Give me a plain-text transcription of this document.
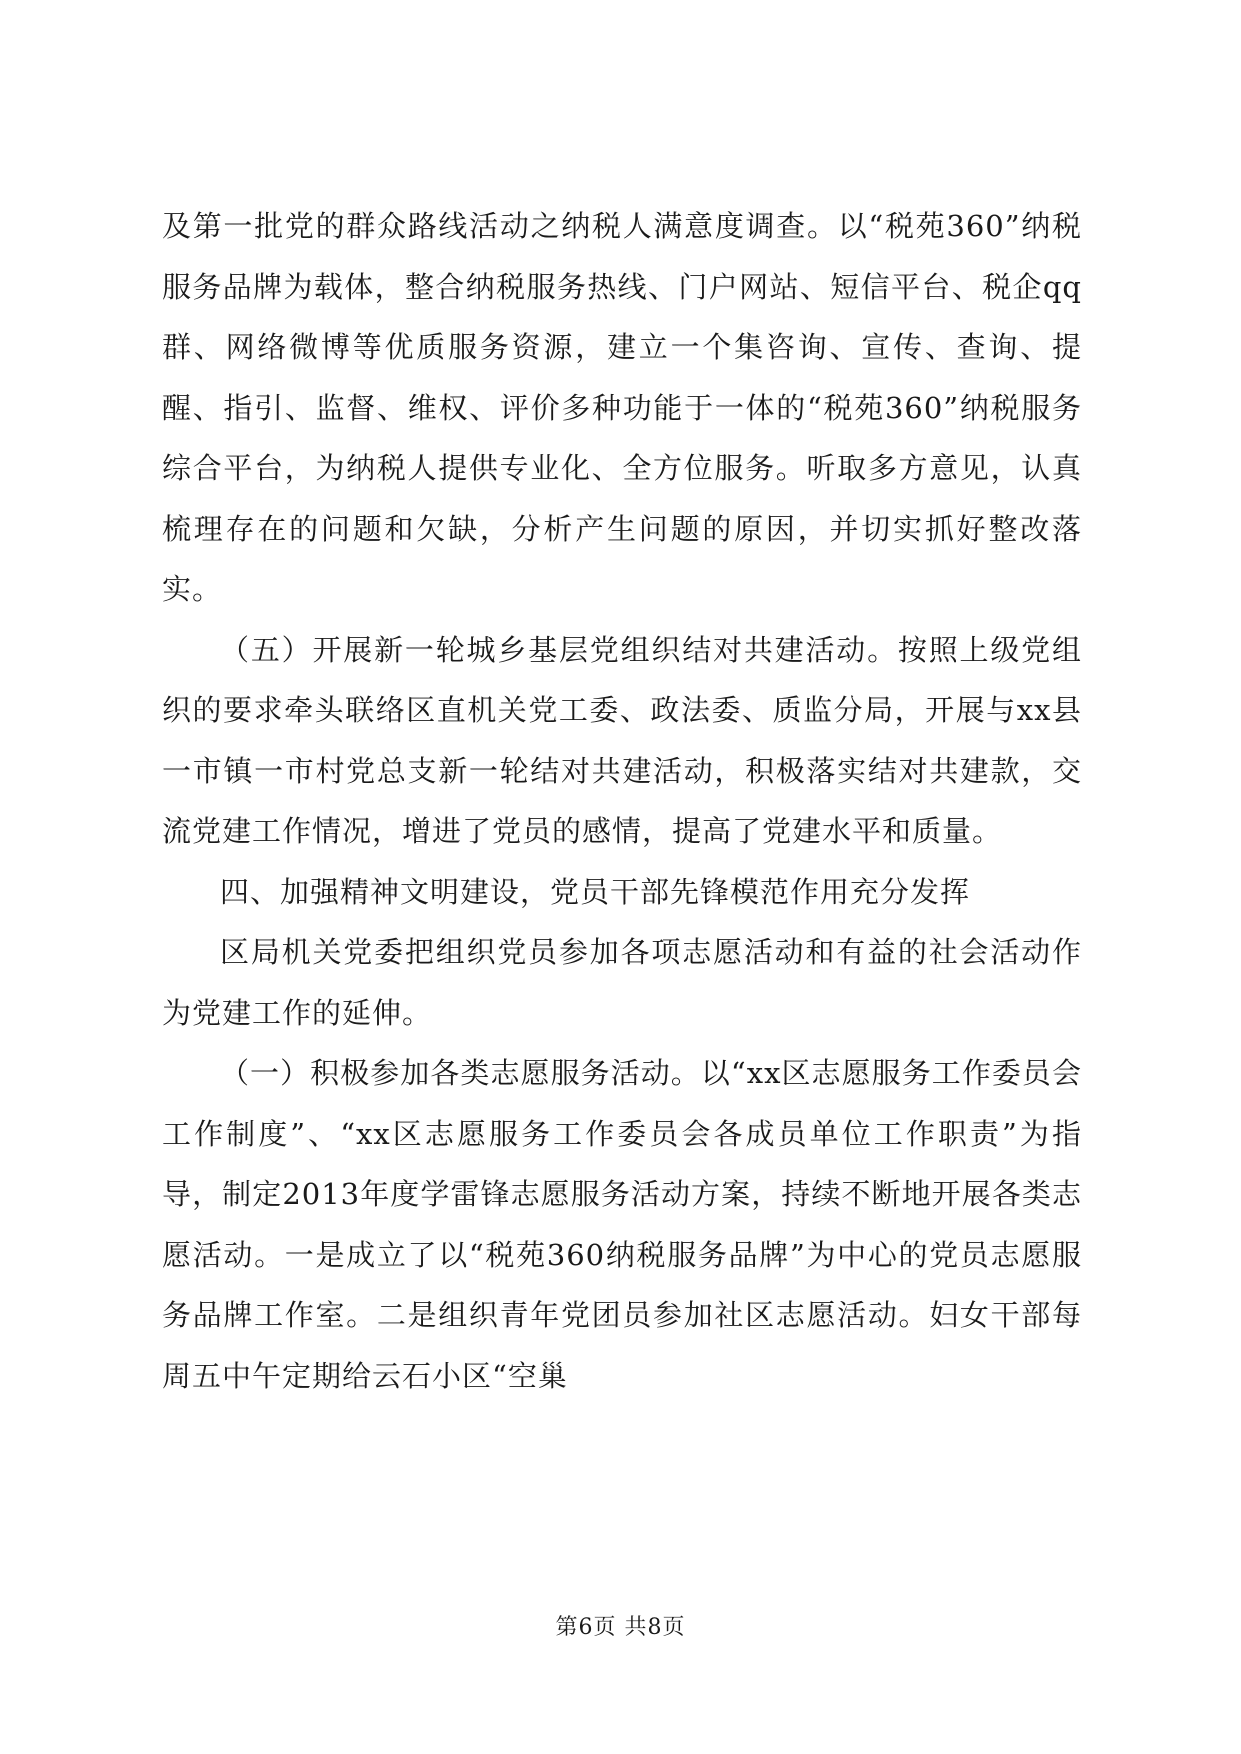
及第一批党的群众路线活动之纳税人满意度调查。以“税苑360”纳税服务品牌为载体，整合纳税服务热线、门户网站、短信平台、税企qq群、网络微博等优质服务资源，建立一个集咨询、宣传、查询、提醒、指引、监督、维权、评价多种功能于一体的“税苑360”纳税服务综合平台，为纳税人提供专业化、全方位服务。听取多方意见，认真梳理存在的问题和欠缺，分析产生问题的原因，并切实抓好整改落实。

（五）开展新一轮城乡基层党组织结对共建活动。按照上级党组织的要求牵头联络区直机关党工委、政法委、质监分局，开展与xx县一市镇一市村党总支新一轮结对共建活动，积极落实结对共建款，交流党建工作情况，增进了党员的感情，提高了党建水平和质量。

四、加强精神文明建设，党员干部先锋模范作用充分发挥

区局机关党委把组织党员参加各项志愿活动和有益的社会活动作为党建工作的延伸。

（一）积极参加各类志愿服务活动。以“xx区志愿服务工作委员会工作制度”、“xx区志愿服务工作委员会各成员单位工作职责”为指导，制定2013年度学雷锋志愿服务活动方案，持续不断地开展各类志愿活动。一是成立了以“税苑360纳税服务品牌”为中心的党员志愿服务品牌工作室。二是组织青年党团员参加社区志愿活动。妇女干部每周五中午定期给云石小区“空巢

第6页 共8页
